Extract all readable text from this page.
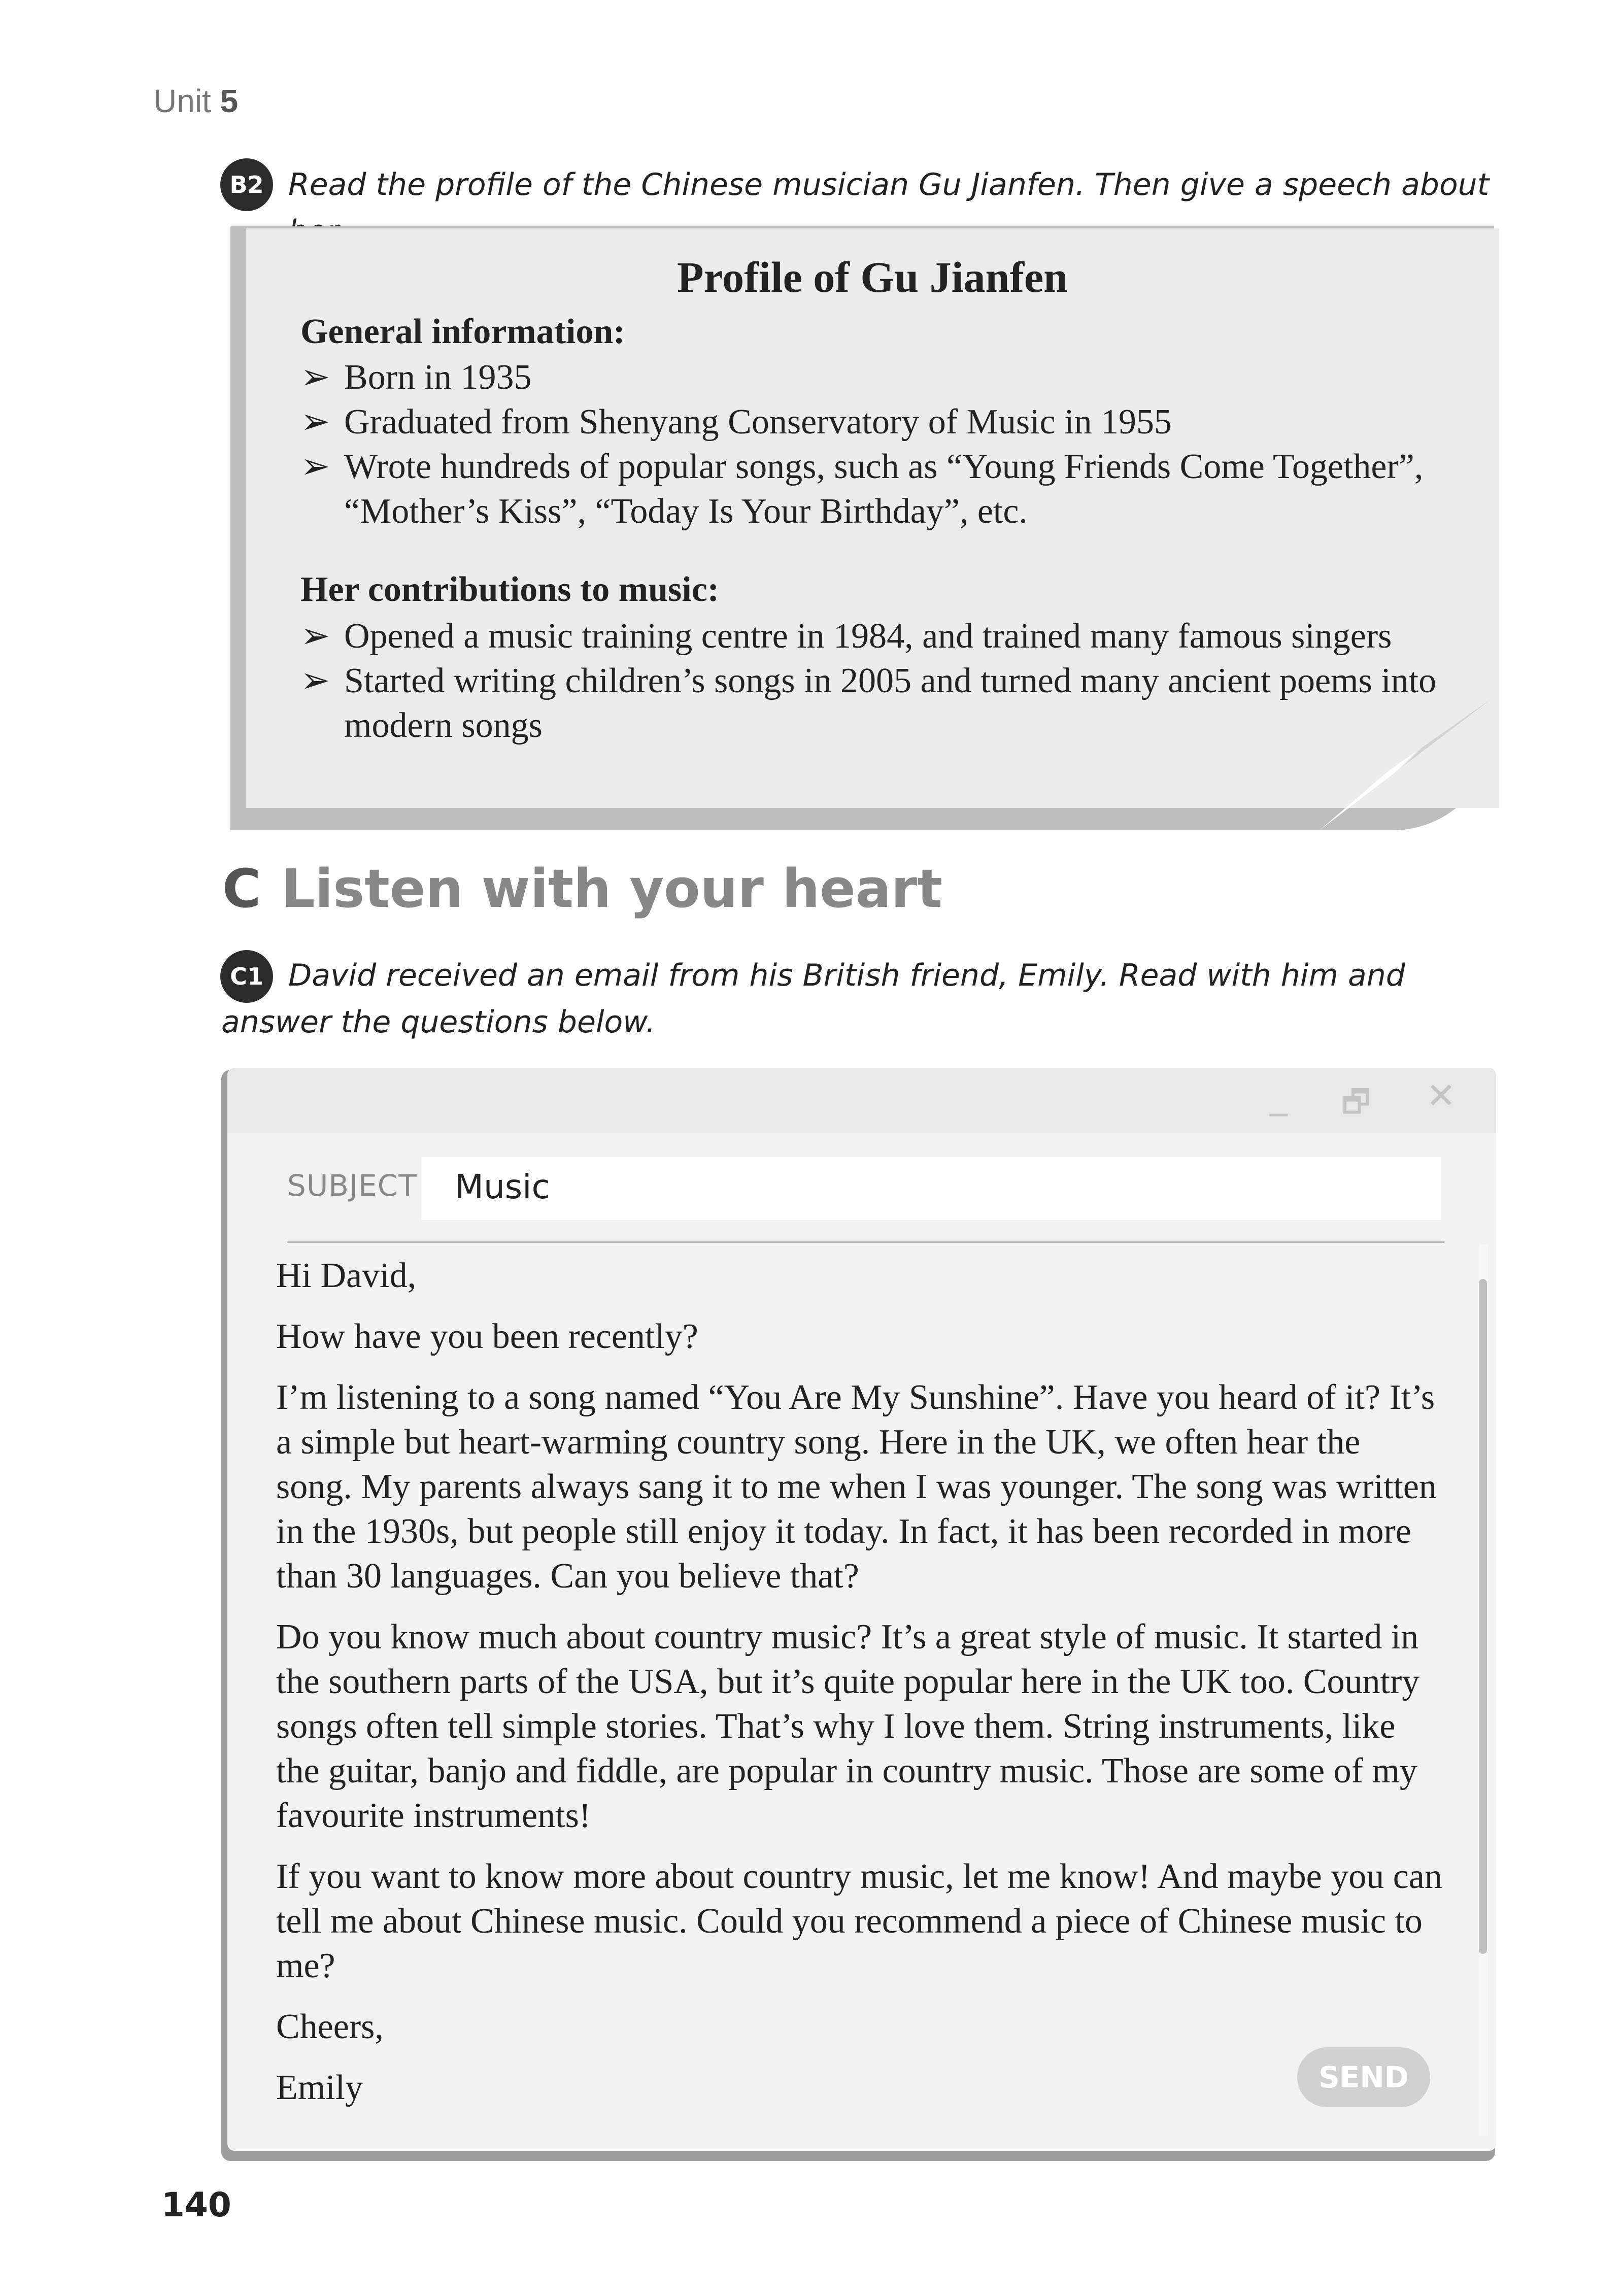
Unit 5
B2 Read the profile of the Chinese musician Gu Jianfen. Then give a speech about
Profile of Gu Jianfen
General information:
➢ Born in 1935
➢ Graduated from Shenyang Conservatory of Music in 1955
➢ Wrote hundreds of popular songs, such as “Young Friends Come Together”, “Mother’s Kiss”, “Today Is Your Birthday”, etc.
Her contributions to music:
➢ Opened a music training centre in 1984, and trained many famous singers
➢ Started writing children’s songs in 2005 and turned many ancient poems into modern songs
C Listen with your heart
C1 David received an email from his British friend, Emily. Read with him and answer the questions below.
_ 🗗 ✕
SUBJECT Music

Hi David,

How have you been recently?

I’m listening to a song named “You Are My Sunshine”. Have you heard of it? It’s a simple but heart-warming country song. Here in the UK, we often hear the song. My parents always sang it to me when I was younger. The song was written in the 1930s, but people still enjoy it today. In fact, it has been recorded in more than 30 languages. Can you believe that?

Do you know much about country music? It’s a great style of music. It started in the southern parts of the USA, but it’s quite popular here in the UK too. Country songs often tell simple stories. That’s why I love them. String instruments, like the guitar, banjo and fiddle, are popular in country music. Those are some of my favourite instruments!

If you want to know more about country music, let me know! And maybe you can tell me about Chinese music. Could you recommend a piece of Chinese music to me?

Cheers,

Emily	SEND
140
